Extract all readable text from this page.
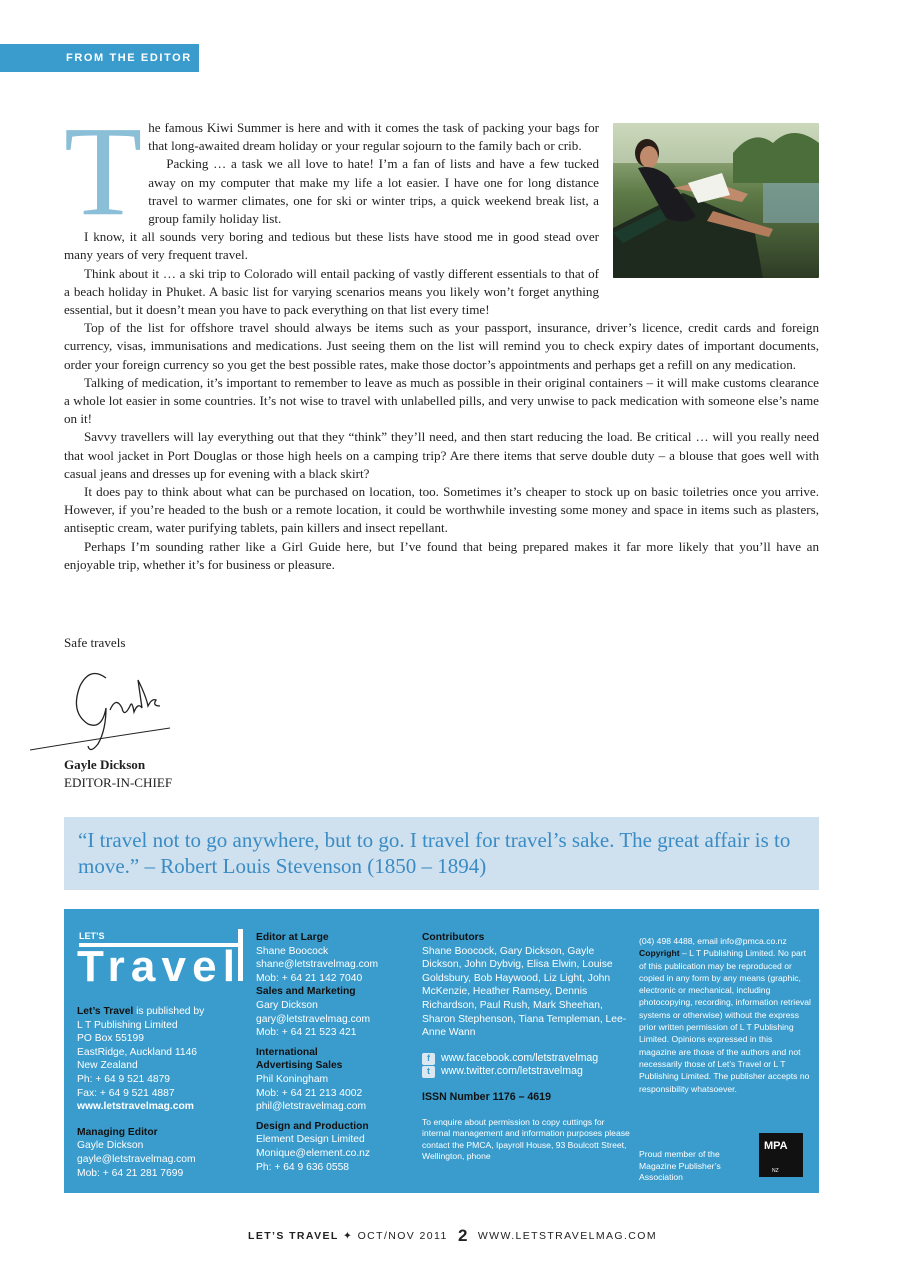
FROM THE EDITOR
T he famous Kiwi Summer is here and with it comes the task of packing your bags for that long-awaited dream holiday or your regular sojourn to the family bach or crib.

Packing … a task we all love to hate! I’m a fan of lists and have a few tucked away on my computer that make my life a lot easier. I have one for long distance travel to warmer climates, one for ski or winter trips, a quick weekend break list, a group family holiday list.

I know, it all sounds very boring and tedious but these lists have stood me in good stead over many years of very frequent travel.

Think about it … a ski trip to Colorado will entail packing of vastly different essentials to that of a beach holiday in Phuket. A basic list for varying scenarios means you likely won’t forget anything essential, but it doesn’t mean you have to pack everything on that list every time!

Top of the list for offshore travel should always be items such as your passport, insurance, driver’s licence, credit cards and foreign currency, visas, immunisations and medications. Just seeing them on the list will remind you to check expiry dates of important documents, order your foreign currency so you get the best possible rates, make those doctor’s appointments and perhaps get a refill on any medication.

Talking of medication, it’s important to remember to leave as much as possible in their original containers – it will make customs clearance a whole lot easier in some countries. It’s not wise to travel with unlabelled pills, and very unwise to pack medication with someone else’s name on it!

Savvy travellers will lay everything out that they “think” they’ll need, and then start reducing the load. Be critical … will you really need that wool jacket in Port Douglas or those high heels on a camping trip? Are there items that serve double duty – a blouse that goes well with casual jeans and dresses up for evening with a black skirt?

It does pay to think about what can be purchased on location, too. Sometimes it’s cheaper to stock up on basic toiletries once you arrive. However, if you’re headed to the bush or a remote location, it could be worthwhile investing some money and space in items such as plasters, antiseptic cream, water purifying tablets, pain killers and insect repellant.

Perhaps I’m sounding rather like a Girl Guide here, but I’ve found that being prepared makes it far more likely that you’ll have an enjoyable trip, whether it’s for business or pleasure.

Safe travels
Gayle Dickson
EDITOR-IN-CHIEF
“I travel not to go anywhere, but to go. I travel for travel’s sake. The great affair is to move.” – Robert Louis Stevenson (1850 – 1894)
LET’S
Travel
Let’s Travel is published by
L T Publishing Limited
PO Box 55199
EastRidge, Auckland 1146
New Zealand
Ph: + 64 9 521 4879
Fax: + 64 9 521 4887
www.letstravelmag.com
Managing Editor
Gayle Dickson
gayle@letstravelmag.com
Mob: + 64 21 281 7699
Editor at Large
Shane Boocock
shane@letstravelmag.com
Mob: + 64 21 142 7040
Sales and Marketing
Gary Dickson
gary@letstravelmag.com
Mob: + 64 21 523 421
International
Advertising Sales
Phil Koningham
Mob: + 64 21 213 4002
phil@letstravelmag.com
Design and Production
Element Design Limited
Monique@element.co.nz
Ph: + 64 9 636 0558
Contributors
Shane Boocock, Gary Dickson, Gayle Dickson, John Dybvig, Elisa Elwin, Louise Goldsbury, Bob Haywood, Liz Light, John McKenzie, Heather Ramsey, Dennis Richardson, Paul Rush, Mark Sheehan, Sharon Stephenson, Tiana Templeman, Lee-Anne Wann
f	www.facebook.com/letstravelmag
t	www.twitter.com/letstravelmag
ISSN Number 1176 – 4619
To enquire about permission to copy cuttings for internal management and information purposes please contact the PMCA, Ipayroll House, 93 Boulcott Street, Wellington, phone
(04) 498 4488, email info@pmca.co.nz
Copyright – L T Publishing Limited. No part of this publication may be reproduced or copied in any form by any means (graphic, electronic or mechanical, including photocopying, recording, information retrieval systems or otherwise) without the express prior written permission of L T Publishing Limited. Opinions expressed in this magazine are those of the authors and not necessarily those of Let’s Travel or L T Publishing Limited. The publisher accepts no responsibility whatsoever.
Proud member of the Magazine Publisher’s Association
MPA
NZ
LET’S TRAVEL ✦ OCT/NOV 2011 2 WWW.LETSTRAVELMAG.COM
